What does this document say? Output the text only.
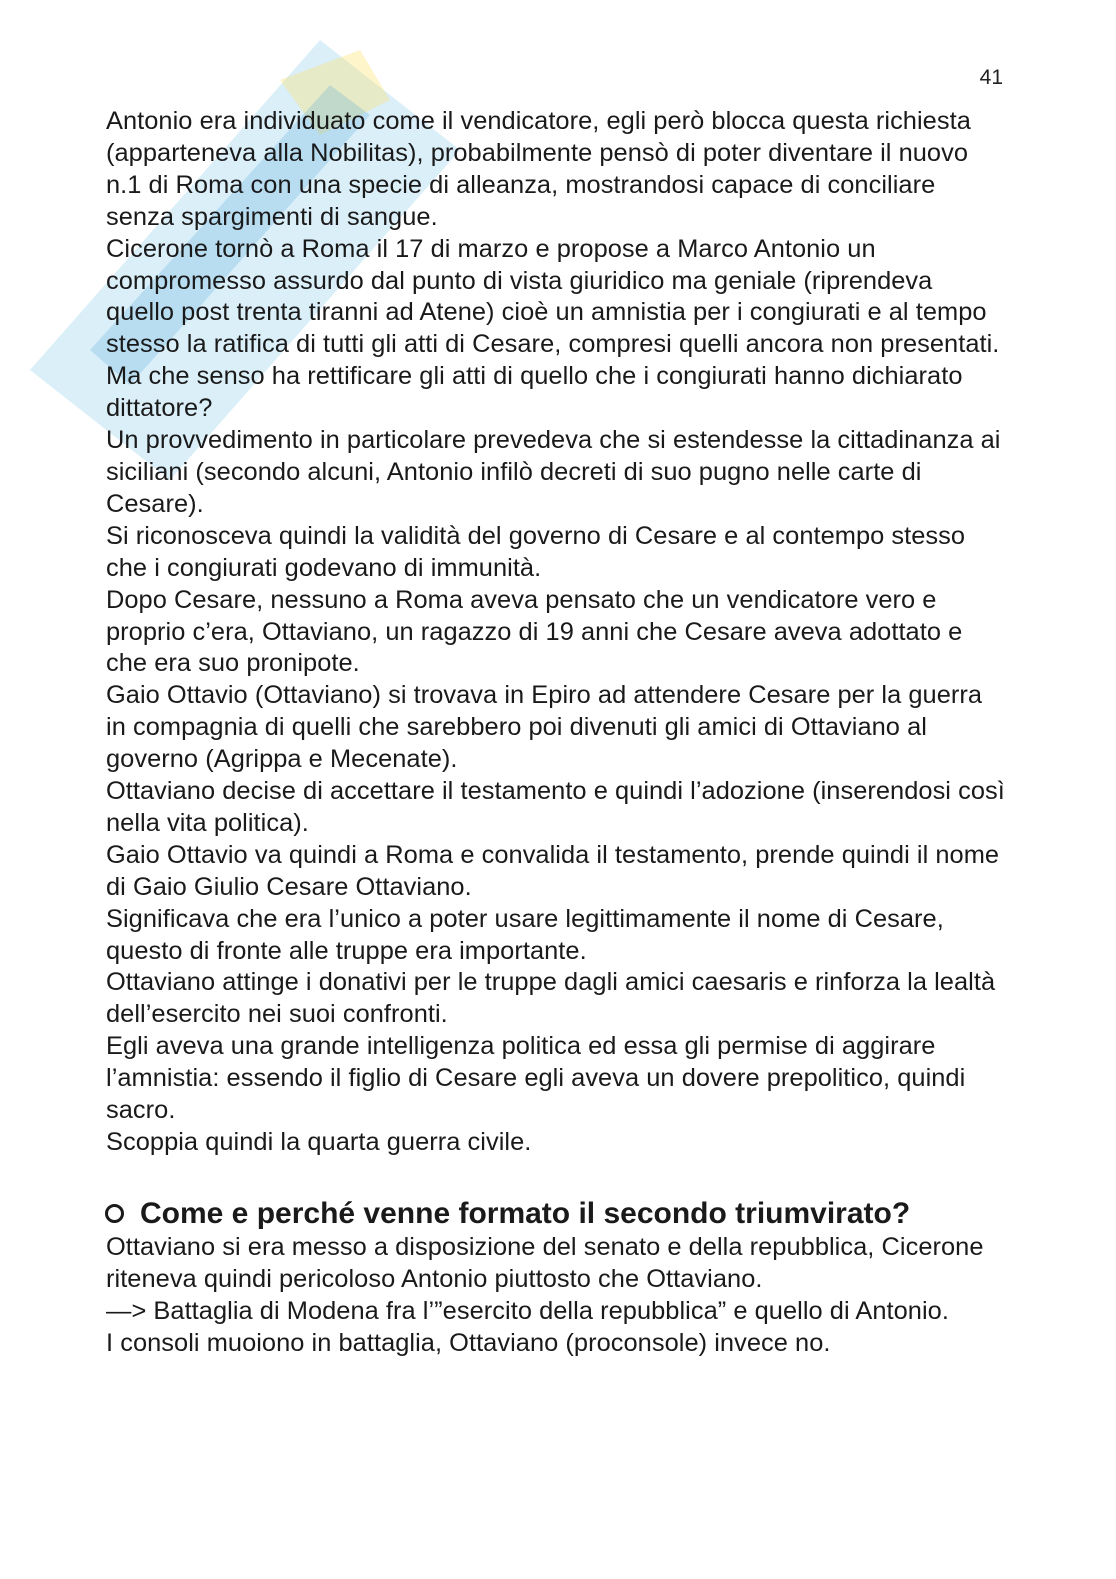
41

Antonio era individuato come il vendicatore, egli però blocca questa richiesta (apparteneva alla Nobilitas), probabilmente pensò di poter diventare il nuovo n.1 di Roma con una specie di alleanza, mostrandosi capace di conciliare senza spargimenti di sangue.

Cicerone tornò a Roma il 17 di marzo e propose a Marco Antonio un compromesso assurdo dal punto di vista giuridico ma geniale (riprendeva quello post trenta tiranni ad Atene) cioè un amnistia per i congiurati e al tempo stesso la ratifica di tutti gli atti di Cesare, compresi quelli ancora non presentati.

Ma che senso ha rettificare gli atti di quello che i congiurati hanno dichiarato dittatore?

Un provvedimento in particolare prevedeva che si estendesse la cittadinanza ai siciliani (secondo alcuni, Antonio infilò decreti di suo pugno nelle carte di Cesare).

Si riconosceva quindi la validità del governo di Cesare e al contempo stesso che i congiurati godevano di immunità.

Dopo Cesare, nessuno a Roma aveva pensato che un vendicatore vero e proprio c’era, Ottaviano, un ragazzo di 19 anni che Cesare aveva adottato e che era suo pronipote.

Gaio Ottavio (Ottaviano) si trovava in Epiro ad attendere Cesare per la guerra in compagnia di quelli che sarebbero poi divenuti gli amici di Ottaviano al governo (Agrippa e Mecenate).

Ottaviano decise di accettare il testamento e quindi l’adozione (inserendosi così nella vita politica).

Gaio Ottavio va quindi a Roma e convalida il testamento, prende quindi il nome di Gaio Giulio Cesare Ottaviano.

Significava che era l’unico a poter usare legittimamente il nome di Cesare, questo di fronte alle truppe era importante.

Ottaviano attinge i donativi per le truppe dagli amici caesaris e rinforza la lealtà dell’esercito nei suoi confronti.

Egli aveva una grande intelligenza politica ed essa gli permise di aggirare l’amnistia: essendo il figlio di Cesare egli aveva un dovere prepolitico, quindi sacro.

Scoppia quindi la quarta guerra civile.

Come e perché venne formato il secondo triumvirato?

Ottaviano si era messo a disposizione del senato e della repubblica, Cicerone riteneva quindi pericoloso Antonio piuttosto che Ottaviano.

—> Battaglia di Modena fra l’”esercito della repubblica” e quello di Antonio.

I consoli muoiono in battaglia, Ottaviano (proconsole) invece no.
